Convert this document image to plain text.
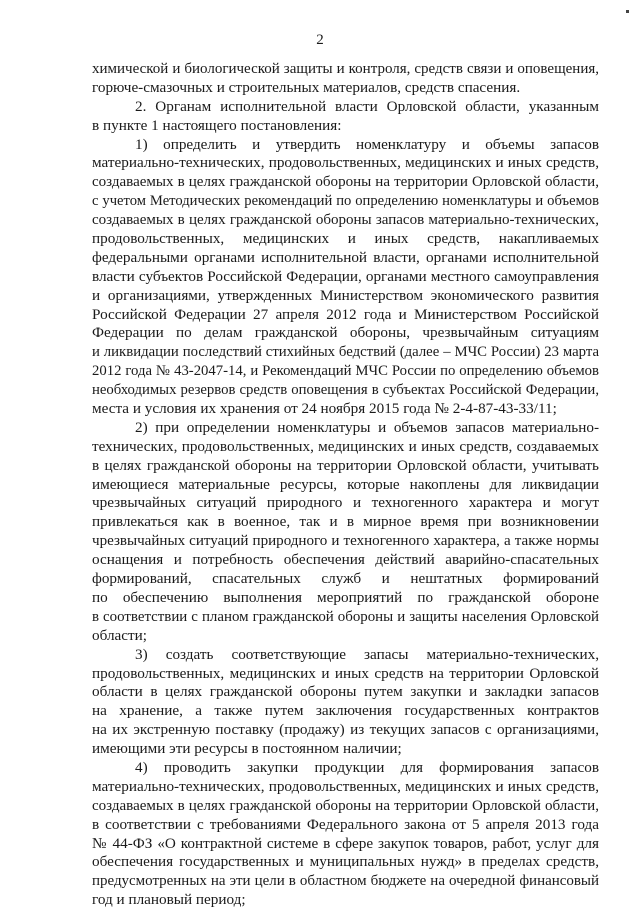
2
химической и биологической защиты и контроля, средств связи и оповещения,
горюче-смазочных и строительных материалов, средств спасения.
2. Органам исполнительной власти Орловской области, указанным
в пункте 1 настоящего постановления:
1) определить и утвердить номенклатуру и объемы запасов
материально-технических, продовольственных, медицинских и иных средств,
создаваемых в целях гражданской обороны на территории Орловской области,
с учетом Методических рекомендаций по определению номенклатуры и объемов
создаваемых в целях гражданской обороны запасов материально-технических,
продовольственных, медицинских и иных средств, накапливаемых
федеральными органами исполнительной власти, органами исполнительной
власти субъектов Российской Федерации, органами местного самоуправления
и организациями, утвержденных Министерством экономического развития
Российской Федерации 27 апреля 2012 года и Министерством Российской
Федерации по делам гражданской обороны, чрезвычайным ситуациям
и ликвидации последствий стихийных бедствий (далее – МЧС России) 23 марта
2012 года № 43-2047-14, и Рекомендаций МЧС России по определению объемов
необходимых резервов средств оповещения в субъектах Российской Федерации,
места и условия их хранения от 24 ноября 2015 года № 2-4-87-43-33/11;
2) при определении номенклатуры и объемов запасов материально-
технических, продовольственных, медицинских и иных средств, создаваемых
в целях гражданской обороны на территории Орловской области, учитывать
имеющиеся материальные ресурсы, которые накоплены для ликвидации
чрезвычайных ситуаций природного и техногенного характера и могут
привлекаться как в военное, так и в мирное время при возникновении
чрезвычайных ситуаций природного и техногенного характера, а также нормы
оснащения и потребность обеспечения действий аварийно-спасательных
формирований, спасательных служб и нештатных формирований
по обеспечению выполнения мероприятий по гражданской обороне
в соответствии с планом гражданской обороны и защиты населения Орловской
области;
3) создать соответствующие запасы материально-технических,
продовольственных, медицинских и иных средств на территории Орловской
области в целях гражданской обороны путем закупки и закладки запасов
на хранение, а также путем заключения государственных контрактов
на их экстренную поставку (продажу) из текущих запасов с организациями,
имеющими эти ресурсы в постоянном наличии;
4) проводить закупки продукции для формирования запасов
материально-технических, продовольственных, медицинских и иных средств,
создаваемых в целях гражданской обороны на территории Орловской области,
в соответствии с требованиями Федерального закона от 5 апреля 2013 года
№ 44-ФЗ «О контрактной системе в сфере закупок товаров, работ, услуг для
обеспечения государственных и муниципальных нужд» в пределах средств,
предусмотренных на эти цели в областном бюджете на очередной финансовый
год и плановый период;
